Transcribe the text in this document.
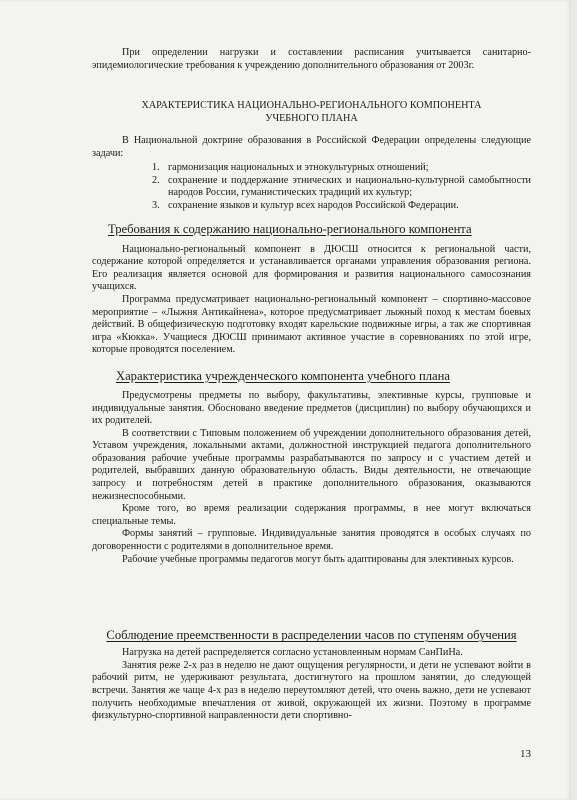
При определении нагрузки и составлении расписания учитывается санитарно-эпидемиологические требования к учреждению дополнительного образования от 2003г.

ХАРАКТЕРИСТИКА НАЦИОНАЛЬНО-РЕГИОНАЛЬНОГО КОМПОНЕНТА УЧЕБНОГО ПЛАНА

В Национальной доктрине образования в Российской Федерации определены следующие задачи:

1. гармонизация национальных и этнокультурных отношений;
2. сохранение и поддержание этнических и национально-культурной самобытности народов России, гуманистических традиций их культур;
3. сохранение языков и культур всех народов Российской Федерации.
Требования к содержанию национально-регионального компонента

Национально-региональный компонент в ДЮСШ относится к региональной части, содержание которой определяется и устанавливается органами управления образования региона. Его реализация является основой для формирования и развития национального самосознания учащихся.

Программа предусматривает национально-региональный компонент – спортивно-массовое мероприятие – «Лыжня Антикайнена», которое предусматривает лыжный поход к местам боевых действий. В общефизическую подготовку входят карельские подвижные игры, а так же спортивная игра «Кюкка». Учащиеся ДЮСШ принимают активное участие в соревнованиях по этой игре, которые проводятся поселением.

Характеристика учрежденческого компонента учебного плана

Предусмотрены предметы по выбору, факультативы, элективные курсы, групповые и индивидуальные занятия. Обосновано введение предметов (дисциплин) по выбору обучающихся и их родителей.

В соответствии с Типовым положением об учреждении дополнительного образования детей, Уставом учреждения, локальными актами, должностной инструкцией педагога дополнительного образования рабочие учебные программы разрабатываются по запросу и с участием детей и родителей, выбравших данную образовательную область. Виды деятельности, не отвечающие запросу и потребностям детей в практике дополнительного образования, оказываются нежизнеспособными.

Кроме того, во время реализации содержания программы, в нее могут включаться специальные темы.

Формы занятий – групповые. Индивидуальные занятия проводятся в особых случаях по договоренности с родителями в дополнительное время.

Рабочие учебные программы педагогов могут быть адаптированы для элективных курсов.

Соблюдение преемственности в распределении часов по ступеням обучения

Нагрузка на детей распределяется согласно установленным нормам СанПиНа.

Занятия реже 2-х раз в неделю не дают ощущения регулярности, и дети не успевают войти в рабочий ритм, не удерживают результата, достигнутого на прошлом занятии, до следующей встречи. Занятия же чаще 4-х раз в неделю переутомляют детей, что очень важно, дети не успевают получить необходимые впечатления от живой, окружающей их жизни. Поэтому в программе физкультурно-спортивной направленности дети спортивно-

13
